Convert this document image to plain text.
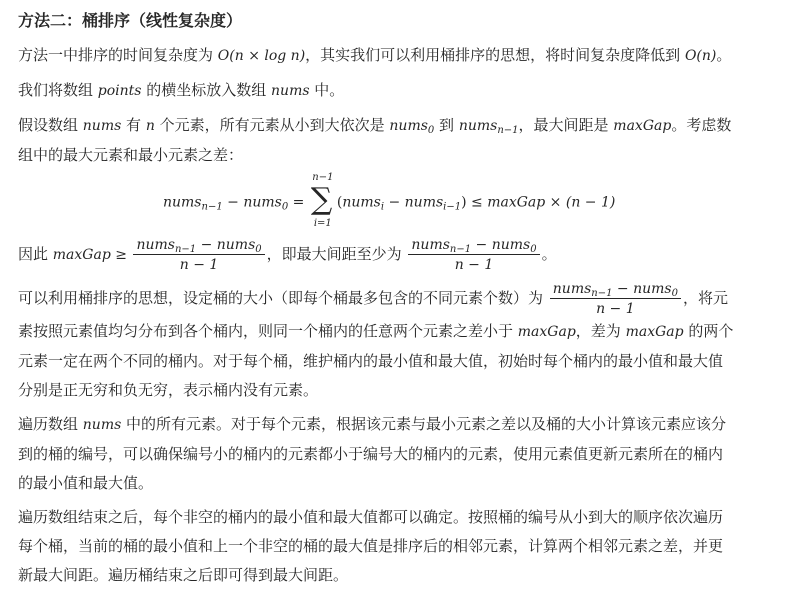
方法二：桶排序（线性复杂度）

方法一中排序的时间复杂度为 O(n × log n)，其实我们可以利用桶排序的思想，将时间复杂度降低到 O(n)。

我们将数组 points 的横坐标放入数组 nums 中。

假设数组 nums 有 n 个元素，所有元素从小到大依次是 nums$_0$ 到 nums$_{n-1}$，最大间距是 maxGap。考虑数
组中的最大元素和最小元素之差：

nums$_{n-1}$ − nums$_0$ =
n−1
∑
i=1
(nums$_i$ − nums$_{i-1}$) ≤ maxGap × (n − 1)

因此 maxGap ≥ $\frac{nums_{n-1} - nums_0}{n - 1}$ ，即最大间距至少为 $\frac{nums_{n-1} - nums_0}{n - 1}$ 。

可以利用桶排序的思想，设定桶的大小（即每个桶最多包含的不同元素个数）为 $\frac{nums_{n-1} - nums_0}{n - 1}$ ，将元
素按照元素值均匀分布到各个桶内，则同一个桶内的任意两个元素之差小于 maxGap，差为 maxGap 的两个
元素一定在两个不同的桶内。对于每个桶，维护桶内的最小值和最大值，初始时每个桶内的最小值和最大值
分别是正无穷和负无穷，表示桶内没有元素。

遍历数组 nums 中的所有元素。对于每个元素，根据该元素与最小元素之差以及桶的大小计算该元素应该分
到的桶的编号，可以确保编号小的桶内的元素都小于编号大的桶内的元素，使用元素值更新元素所在的桶内
的最小值和最大值。

遍历数组结束之后，每个非空的桶内的最小值和最大值都可以确定。按照桶的编号从小到大的顺序依次遍历
每个桶，当前的桶的最小值和上一个非空的桶的最大值是排序后的相邻元素，计算两个相邻元素之差，并更
新最大间距。遍历桶结束之后即可得到最大间距。
